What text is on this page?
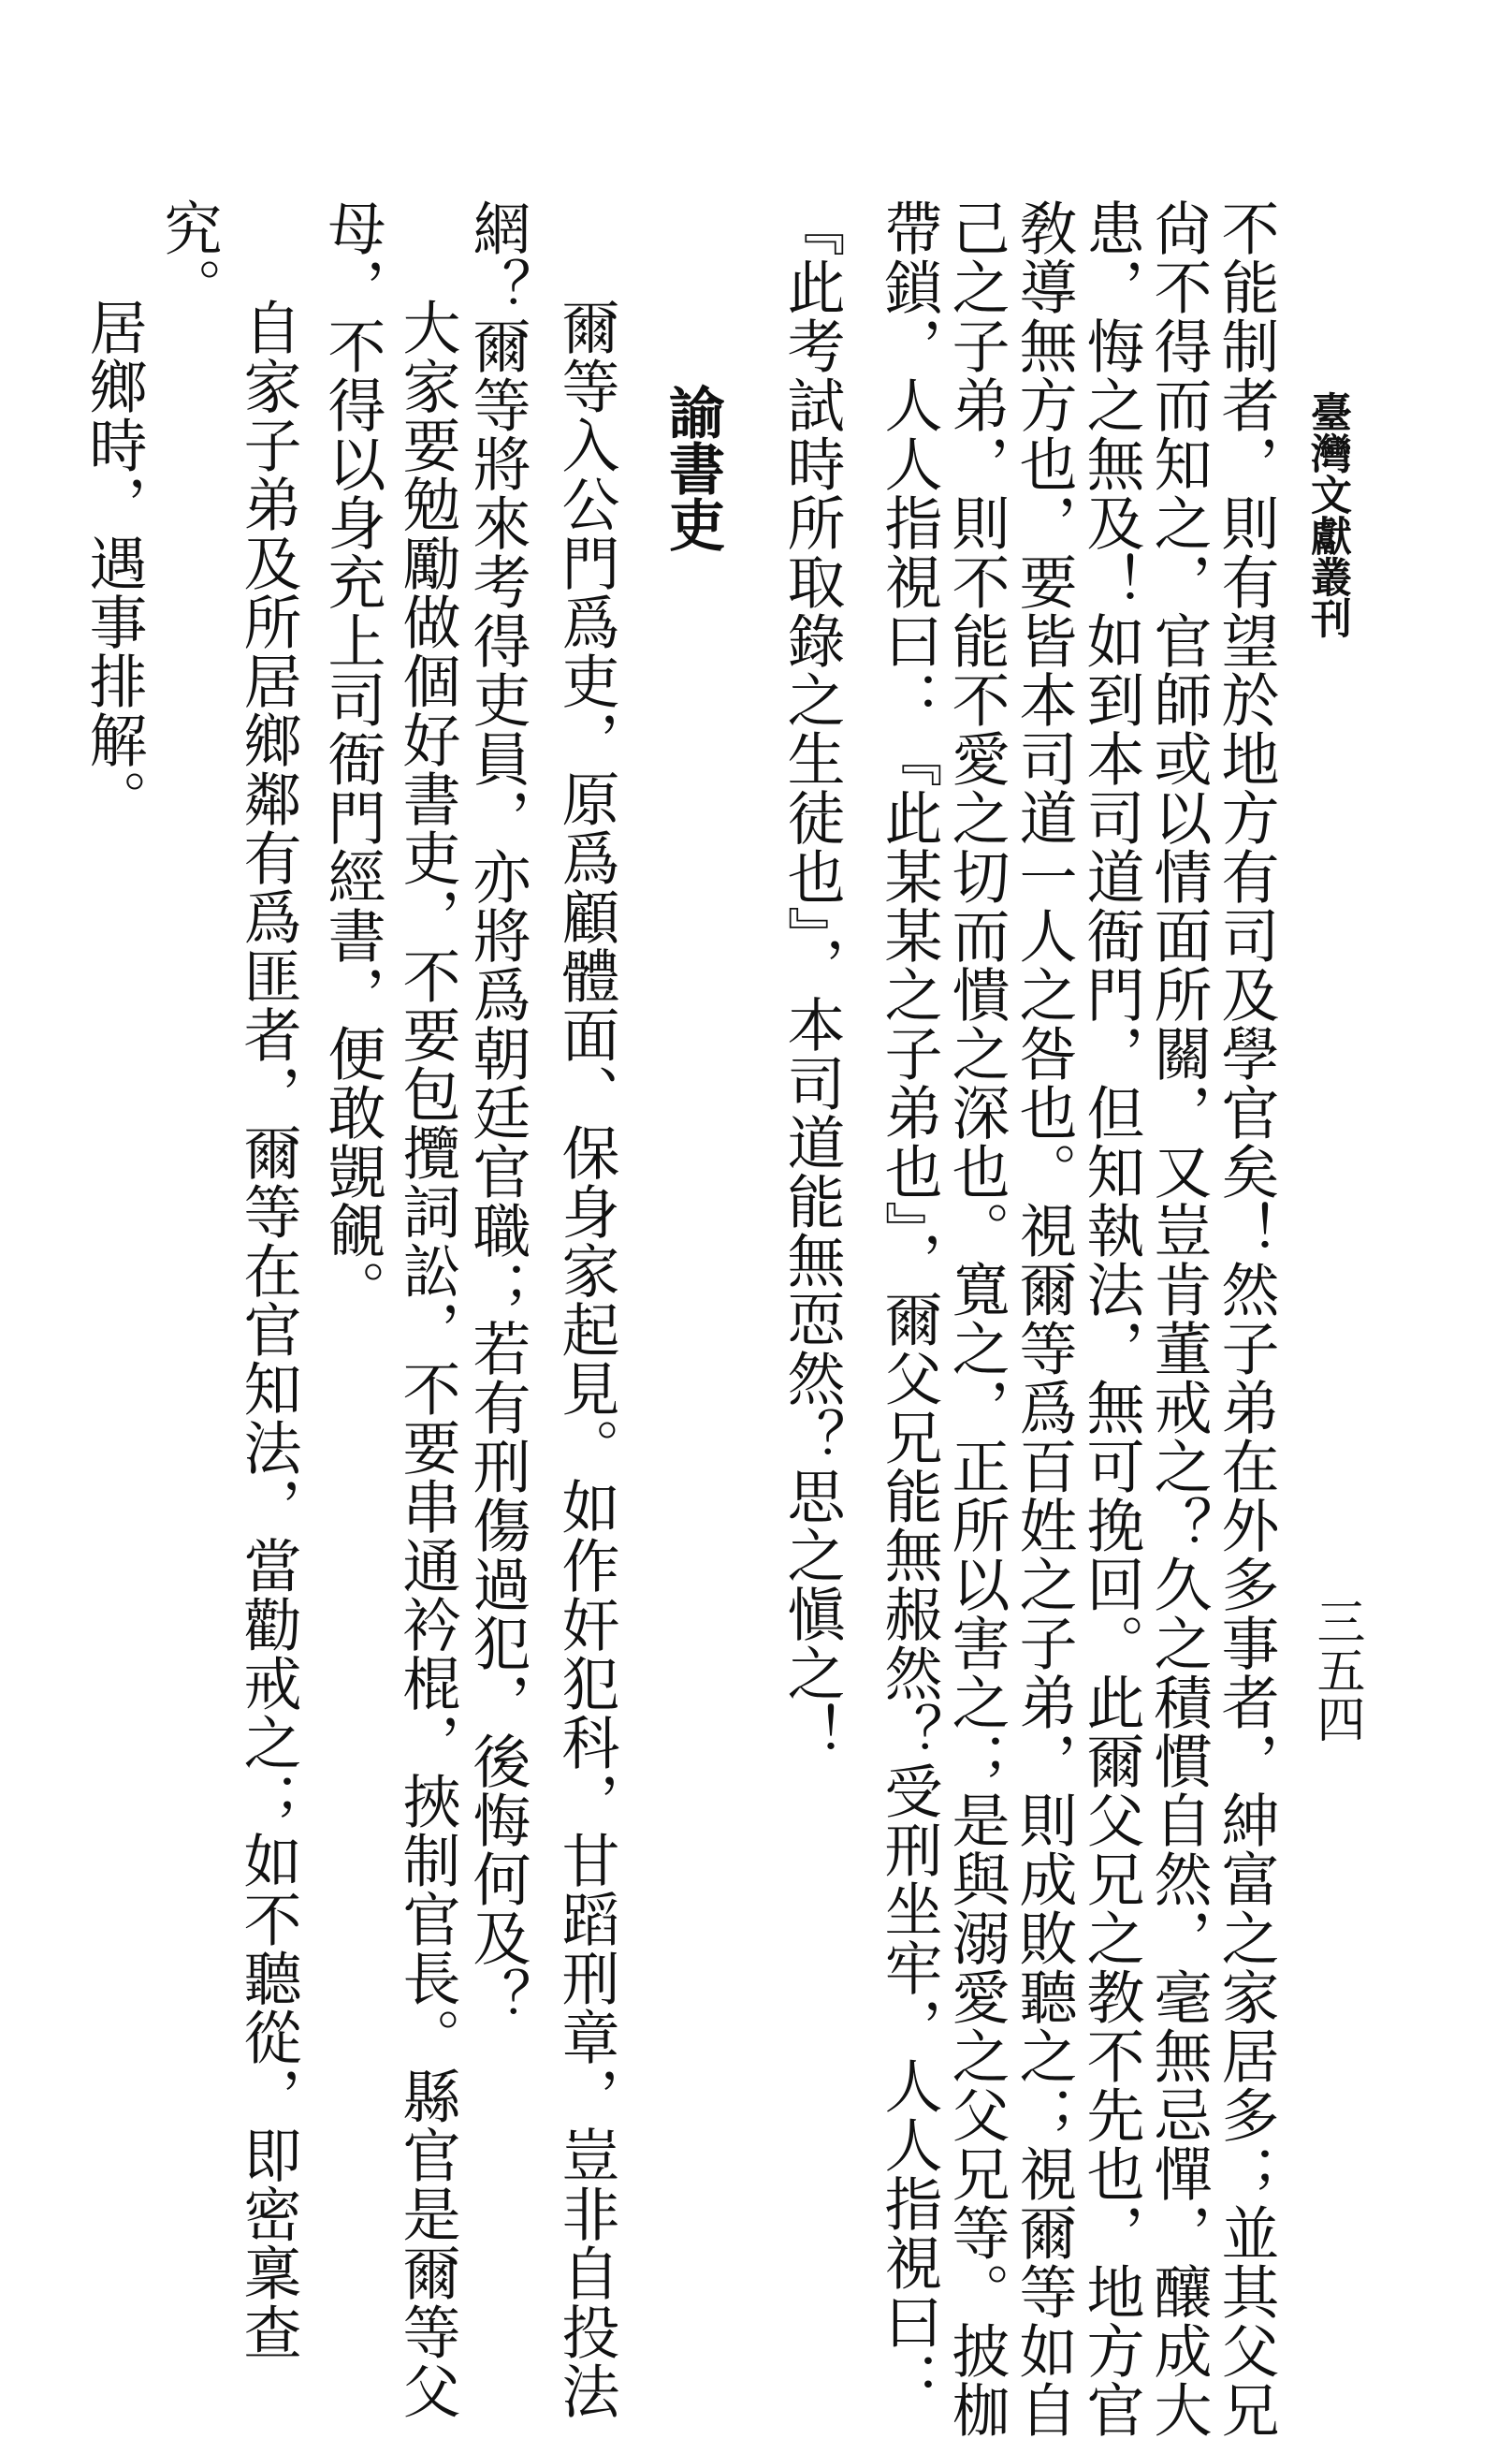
臺灣文獻叢刊
三五四
不能制者，則有望於地方有司及學官矣！然子弟在外多事者，紳富之家居多；並其父兄
尙不得而知之，官師或以情面所關，又豈肯董戒之？久之積慣自然，毫無忌憚，釀成大
患，悔之無及！如到本司道衙門，但知執法，無可挽回。此爾父兄之教不先也，地方官
敎導無方也，要皆本司道一人之咎也。視爾等爲百姓之子弟，則成敗聽之；視爾等如自
己之子弟，則不能不愛之切而憒之深也。寬之，正所以害之；是與溺愛之父兄等。披枷
帶鎖，人人指視曰：『此某某之子弟也』，爾父兄能無赧然？受刑坐牢，人人指視曰：
『此考試時所取錄之生徒也』，本司道能無恧然？思之愼之！
諭書吏
爾等入公門爲吏，原爲顧體面、保身家起見。如作奸犯科，甘蹈刑章，豈非自投法
網？爾等將來考得吏員，亦將爲朝廷官職；若有刑傷過犯，後悔何及？
大家要勉勵做個好書吏，不要包攬詞訟，不要串通衿棍，挾制官長。縣官是爾等父
母，不得以身充上司衙門經書，便敢覬覦。
自家子弟及所居鄉鄰有爲匪者，爾等在官知法，當勸戒之；如不聽從，即密稟查
究。
居鄉時，遇事排解。
